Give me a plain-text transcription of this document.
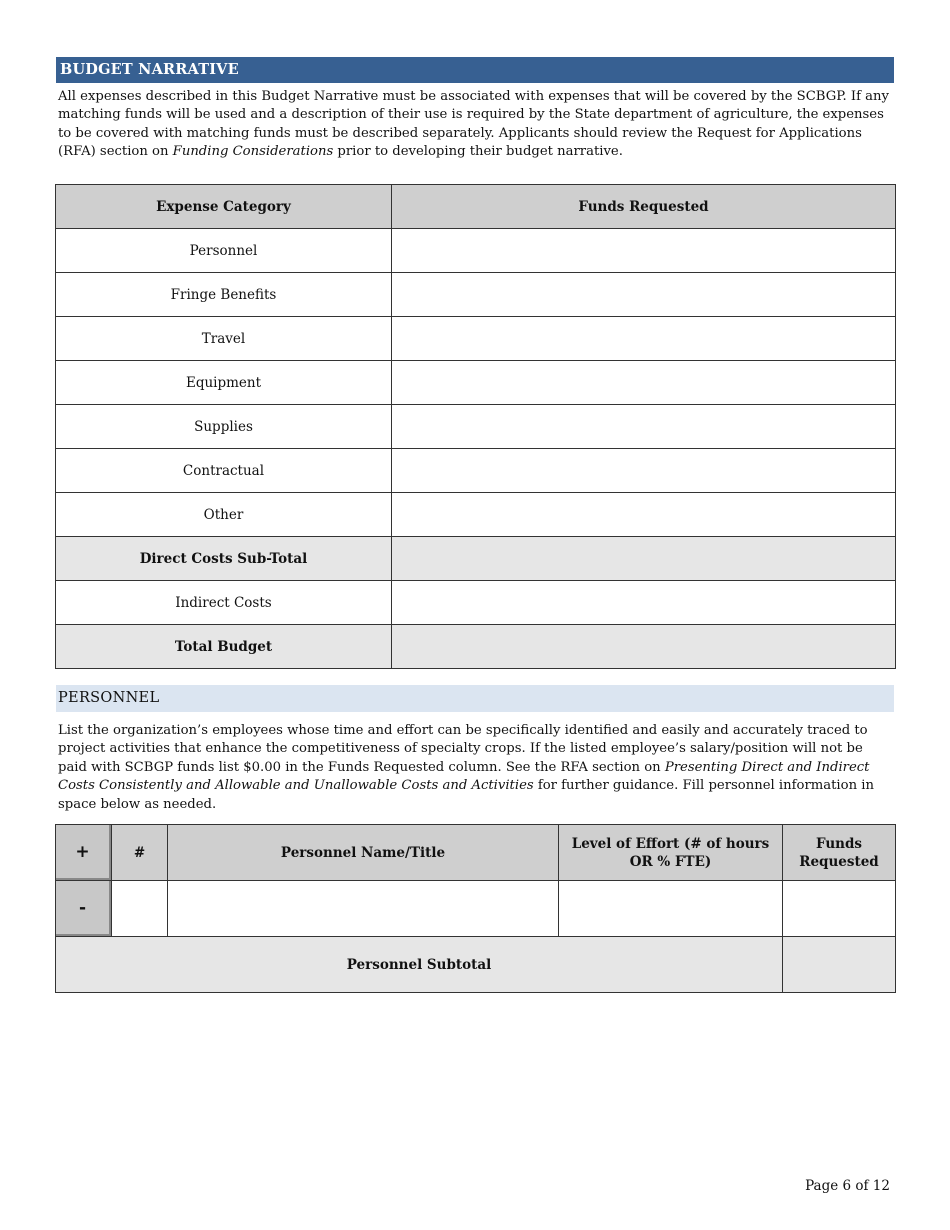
BUDGET NARRATIVE
All expenses described in this Budget Narrative must be associated with expenses that will be covered by the SCBGP. If any matching funds will be used and a description of their use is required by the State department of agriculture, the expenses to be covered with matching funds must be described separately. Applicants should review the Request for Applications (RFA) section on Funding Considerations prior to developing their budget narrative.
Expense Category	Funds Requested
Personnel	
Fringe Benefits	
Travel	
Equipment	
Supplies	
Contractual	
Other	
Direct Costs Sub-Total	
Indirect Costs	
Total Budget	
PERSONNEL
List the organization’s employees whose time and effort can be specifically identified and easily and accurately traced to project activities that enhance the competitiveness of specialty crops. If the listed employee’s salary/position will not be paid with SCBGP funds list $0.00 in the Funds Requested column. See the RFA section on Presenting Direct and Indirect Costs Consistently and Allowable and Unallowable Costs and Activities for further guidance. Fill personnel information in space below as needed.
+	#	Personnel Name/Title	Level of Effort (# of hours OR % FTE)	Funds Requested

-				

Personnel Subtotal				
Page 6 of 12
